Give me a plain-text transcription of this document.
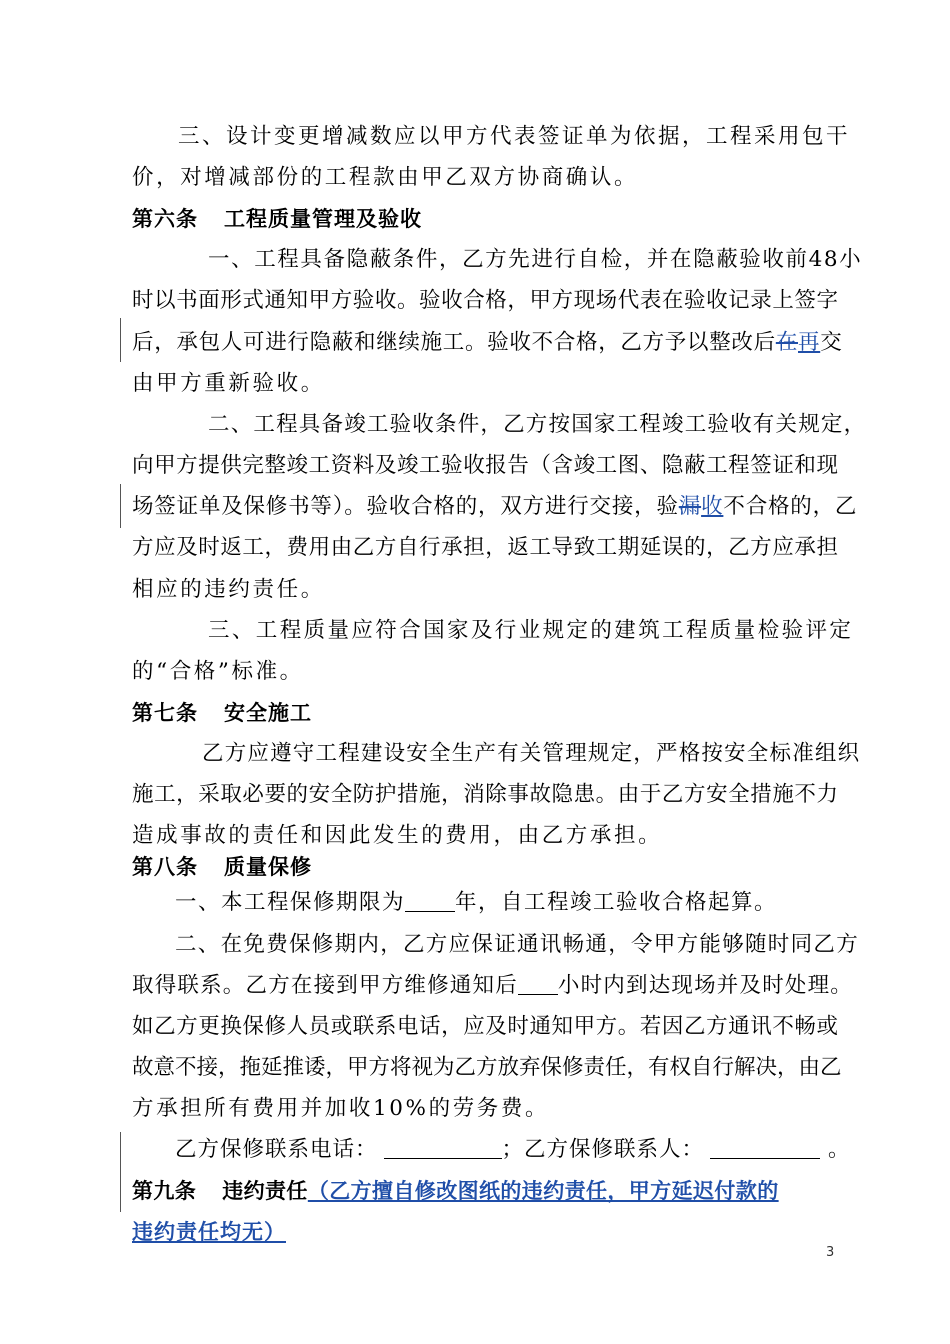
三、设计变更增减数应以甲方代表签证单为依据，工程采用包干
价，对增减部份的工程款由甲乙双方协商确认。
第六条 工程质量管理及验收
一、工程具备隐蔽条件，乙方先进行自检，并在隐蔽验收前48小
时以书面形式通知甲方验收。验收合格，甲方现场代表在验收记录上签字
后，承包人可进行隐蔽和继续施工。验收不合格，乙方予以整改后在再交
由甲方重新验收。
二、工程具备竣工验收条件，乙方按国家工程竣工验收有关规定，
向甲方提供完整竣工资料及竣工验收报告（含竣工图、隐蔽工程签证和现
场签证单及保修书等）。验收合格的，双方进行交接，验漏收不合格的，乙
方应及时返工，费用由乙方自行承担，返工导致工期延误的，乙方应承担
相应的违约责任。
三、工程质量应符合国家及行业规定的建筑工程质量检验评定
的“合格”标准。
第七条 安全施工
乙方应遵守工程建设安全生产有关管理规定，严格按安全标准组织
施工，采取必要的安全防护措施，消除事故隐患。由于乙方安全措施不力
造成事故的责任和因此发生的费用，由乙方承担。
第八条 质量保修
一、本工程保修期限为 年，自工程竣工验收合格起算。
二、在免费保修期内，乙方应保证通讯畅通，令甲方能够随时同乙方
取得联系。乙方在接到甲方维修通知后 小时内到达现场并及时处理。
如乙方更换保修人员或联系电话，应及时通知甲方。若因乙方通讯不畅或
故意不接，拖延推诿，甲方将视为乙方放弃保修责任，有权自行解决，由乙
方承担所有费用并加收10%的劳务费。
乙方保修联系电话：	；乙方保修联系人：	。
第九条 违约责任（乙方擅自修改图纸的违约责任，甲方延迟付款的
违约责任均无）
3
